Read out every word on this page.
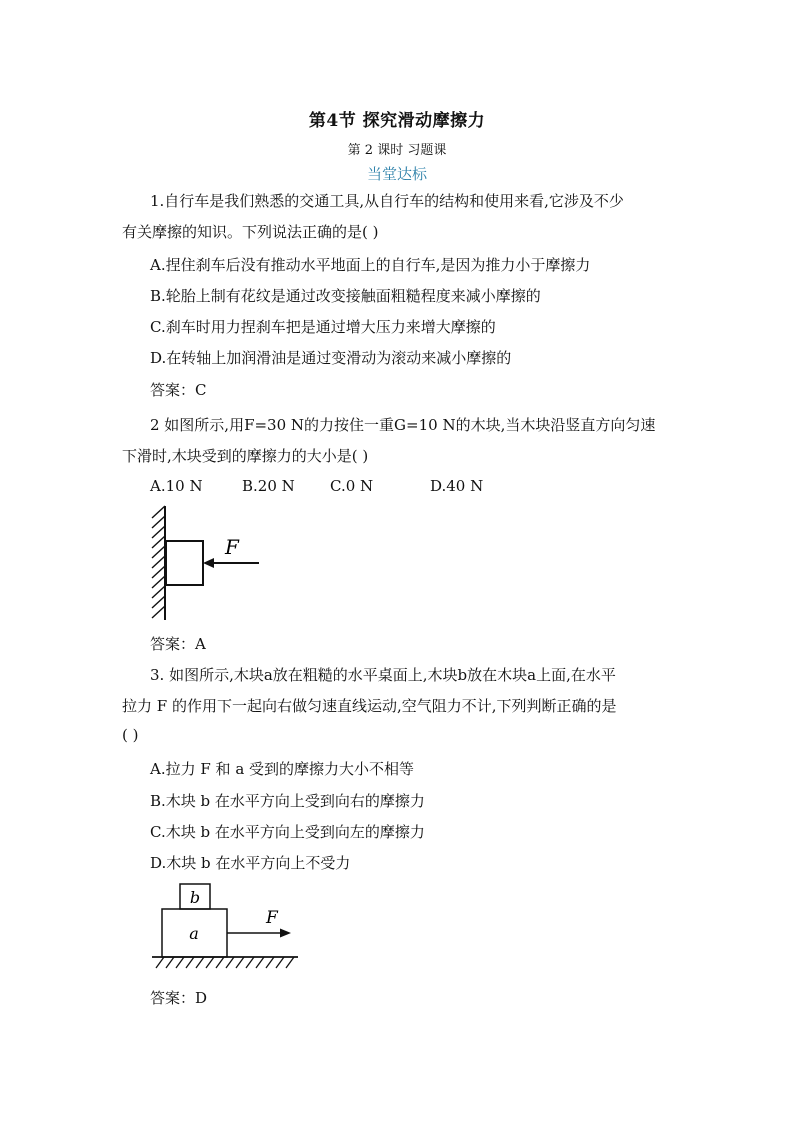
第4节 探究滑动摩擦力
第 2 课时 习题课
当堂达标
1.自行车是我们熟悉的交通工具,从自行车的结构和使用来看,它涉及不少
有关摩擦的知识。下列说法正确的是( )
A.捏住刹车后没有推动水平地面上的自行车,是因为推力小于摩擦力
B.轮胎上制有花纹是通过改变接触面粗糙程度来减小摩擦的
C.刹车时用力捏刹车把是通过增大压力来增大摩擦的
D.在转轴上加润滑油是通过变滑动为滚动来减小摩擦的
答案：C
2 如图所示,用F=30 N的力按住一重G=10 N的木块,当木块沿竖直方向匀速
下滑时,木块受到的摩擦力的大小是( )
A.10 N	B.20 N C.0 N	D.40 N
F
答案：A
3. 如图所示,木块a放在粗糙的水平桌面上,木块b放在木块a上面,在水平
拉力 F 的作用下一起向右做匀速直线运动,空气阻力不计,下列判断正确的是
( )
A.拉力 F 和 a 受到的摩擦力大小不相等
B.木块 b 在水平方向上受到向右的摩擦力
C.木块 b 在水平方向上受到向左的摩擦力
D.木块 b 在水平方向上不受力
b
a
F
答案：D
